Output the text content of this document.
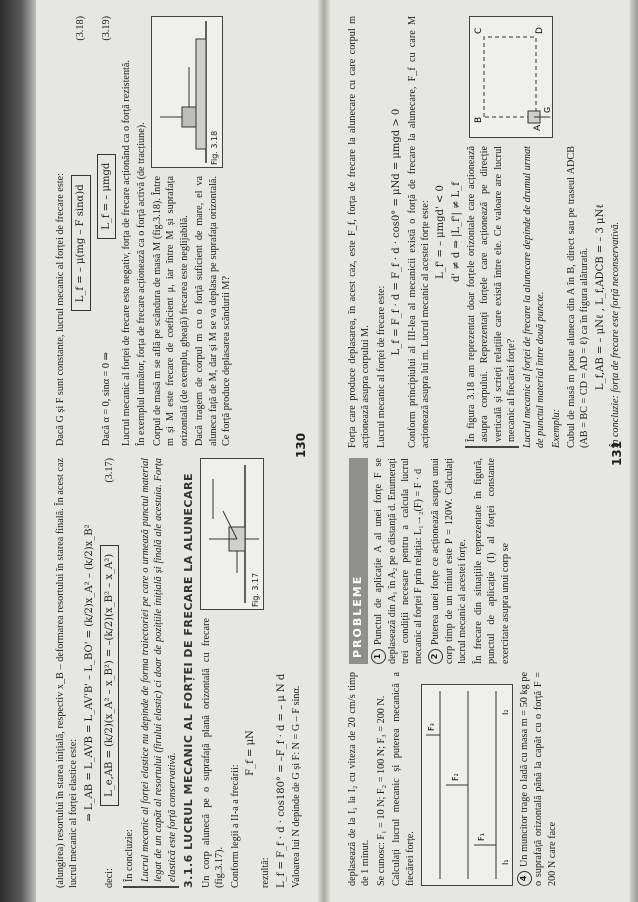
(alungirea) resortului în starea inițială, respectiv x_B – deformarea resortului în starea finală. În acest caz lucrul mecanic al forței elastice este: ⇒ L_AB = L_AVB = L_AV'B' – L_BO' = (k/2)x_A² – (k/2)x_B²

deci:
L_e,AB = (k/2)(x_A² – x_B²) = –(k/2)(x_B² – x_A²)
(3.17)

În concluzie: Lucrul mecanic al forței elastice nu depinde de forma traiectoriei pe care o urmează punctul material legat de un capăt al resortului (firului elastic) ci doar de pozițiile inițială și finală ale acestuia. Forța elastică este forță conservativă. 3.1.6 LUCRUL MECANIC AL FORȚEI DE FRECARE LA ALUNECARE Un corp alunecă pe o suprafață plană orizontală cu frecare (fig.3.17). Conform legii a II-a a frecării:

F_f = μN

rezultă:

Fig. 3.17

L_f = F_f · d · cos180° = –F_f · d = – μ N d Valoarea lui N depinde de G și F: N = G – F sinα.

Dacă G și F sunt constante, lucrul mecanic al forței de frecare este: L_f = – μ(mg – F sinα)d
(3.18)
Dacă α = 0, sinα = 0 ⇒
L_f = – μmgd
(3.19)

Lucrul mecanic al forței de frecare este negativ, forța de frecare acționând ca o forță rezistentă. În exemplul următor, forța de frecare acționează ca o forță activă (de tracțiune). Corpul de masă m se află pe scândura de masă M (fig.3.18). Între m și M este frecare de coeficient μ, iar între M și suprafața orizontală (de exemplu, gheață) frecarea este neglijabilă. Dacă tragem de corpul m cu o forță suficient de mare, el va aluneca față de M, dar și M se va deplasa pe suprafața orizontală. Ce forță produce deplasarea scândurii M?

Fig. 3.18
130	Forța care produce deplasarea, în acest caz, este F_f, forța de frecare la alunecare cu care corpul m acționează asupra corpului M. Lucrul mecanic al forței de frecare este:

L_f = F_f · d = F_f · d · cos0° = μNd = μmgd > 0 Conform principiului al III-lea al mecanicii există o forță de frecare la alunecare, F_f cu care M acționează asupra lui m. Lucrul mecanic al acestei forțe este: L_f' = – μmgd' < 0 d' ≠ d ⇒ |L_f'| ≠ L_f În figura 3.18 am reprezentat doar forțele orizontale care acționează asupra corpului. Reprezentați forțele care acționează pe direcție verticală și scrieți relațiile care există între ele. Ce valoare are lucrul mecanic al fiecărei forțe? Lucrul mecanic al forței de frecare la alunecare depinde de drumul urmat de punctul material între două puncte. Exemplu: Cubul de masă m poate aluneca din A în B, direct sau pe traseul ADCB (AB = BC = CD = AD = ℓ) ca în figura alăturată. L_f,AB = – μNℓ , L_f,ADCB = – 3 μNℓ

A
B
C	D
G

În concluzie: forța de frecare este forță neconservativă.

PROBLEME	1Punctul de aplicație A al unei forțe F se deplasează din A₁ în A₂ pe o distanță d. Enumerați trei condiții necesare pentru a calcula lucrul mecanic al forței F prin relația: L₁→₂(F) = F · d 2Puterea unei forțe ce acționează asupra unui corp timp de un minut este P = 120W. Calculați lucrul mecanic al acestei forțe. În frecare din situațiile reprezentate în figură, punctul de aplicație (I) al forței constante exercitate asupra unui corp se

deplasează de la I₁ la I₂ cu viteza de 20 cm/s timp de 1 minut. Se cunosc: F₁ = 10 N; F₂ = 100 N; F₃ = 200 N. Calculați lucrul mecanic și puterea mecanică a fiecărei forțe.	F₁
F₂
F₃
I₁
I₂

4Un muncitor trage o ladă cu masa m = 50 kg pe o suprafață orizontală până la capăt cu o forță F = 200 N care face

131
